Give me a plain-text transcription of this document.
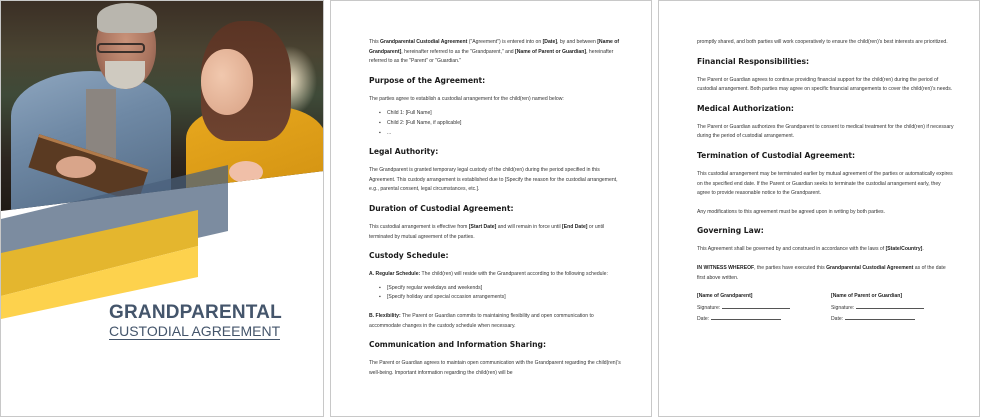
GRANDPARENTAL
CUSTODIAL AGREEMENT

This Grandparental Custodial Agreement ("Agreement") is entered into on [Date], by and between [Name of Grandparent], hereinafter referred to as the "Grandparent," and [Name of Parent or Guardian], hereinafter referred to as the "Parent" or "Guardian."

Purpose of the Agreement:

The parties agree to establish a custodial arrangement for the child(ren) named below:

▪ Child 1: [Full Name]
▪ Child 2: [Full Name, if applicable]
▪ ...
Legal Authority:

The Grandparent is granted temporary legal custody of the child(ren) during the period specified in this Agreement. This custody arrangement is established due to [Specify the reason for the custodial arrangement, e.g., parental consent, legal circumstances, etc.].

Duration of Custodial Agreement:

This custodial arrangement is effective from [Start Date] and will remain in force until [End Date] or until terminated by mutual agreement of the parties.

Custody Schedule:

A. Regular Schedule: The child(ren) will reside with the Grandparent according to the following schedule:

▪ [Specify regular weekdays and weekends]
▪ [Specify holiday and special occasion arrangements]

B. Flexibility: The Parent or Guardian commits to maintaining flexibility and open communication to accommodate changes in the custody schedule when necessary.

Communication and Information Sharing:

The Parent or Guardian agrees to maintain open communication with the Grandparent regarding the child(ren)'s well-being. Important information regarding the child(ren) will be

promptly shared, and both parties will work cooperatively to ensure the child(ren)'s best interests are prioritized.

Financial Responsibilities:

The Parent or Guardian agrees to continue providing financial support for the child(ren) during the period of custodial arrangement. Both parties may agree on specific financial arrangements to cover the child(ren)'s needs.

Medical Authorization:

The Parent or Guardian authorizes the Grandparent to consent to medical treatment for the child(ren) if necessary during the period of custodial arrangement.

Termination of Custodial Agreement:

This custodial arrangement may be terminated earlier by mutual agreement of the parties or automatically expires on the specified end date. If the Parent or Guardian seeks to terminate the custodial arrangement early, they agree to provide reasonable notice to the Grandparent.

Any modifications to this agreement must be agreed upon in writing by both parties.

Governing Law:

This Agreement shall be governed by and construed in accordance with the laws of [State/Country].

IN WITNESS WHEREOF, the parties have executed this Grandparental Custodial Agreement as of the date first above written.

[Name of Grandparent]
Signature:
Date:
[Name of Parent or Guardian]
Signature:
Date:
